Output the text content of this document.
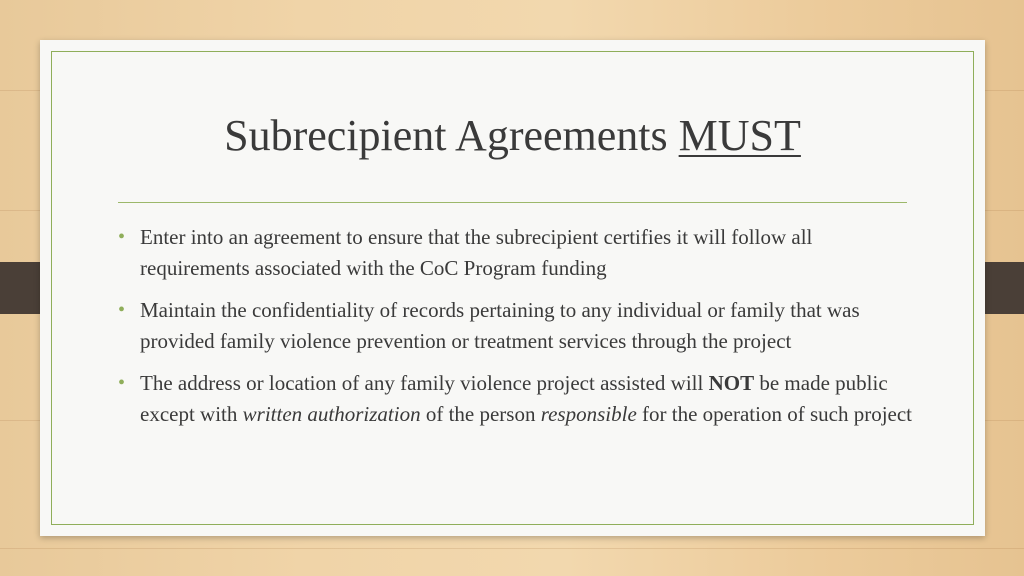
Subrecipient Agreements MUST
• Enter into an agreement to ensure that the subrecipient certifies it will follow all requirements associated with the CoC Program funding
• Maintain the confidentiality of records pertaining to any individual or family that was provided family violence prevention or treatment services through the project
• The address or location of any family violence project assisted will NOT be made public except with written authorization of the person responsible for the operation of such project
